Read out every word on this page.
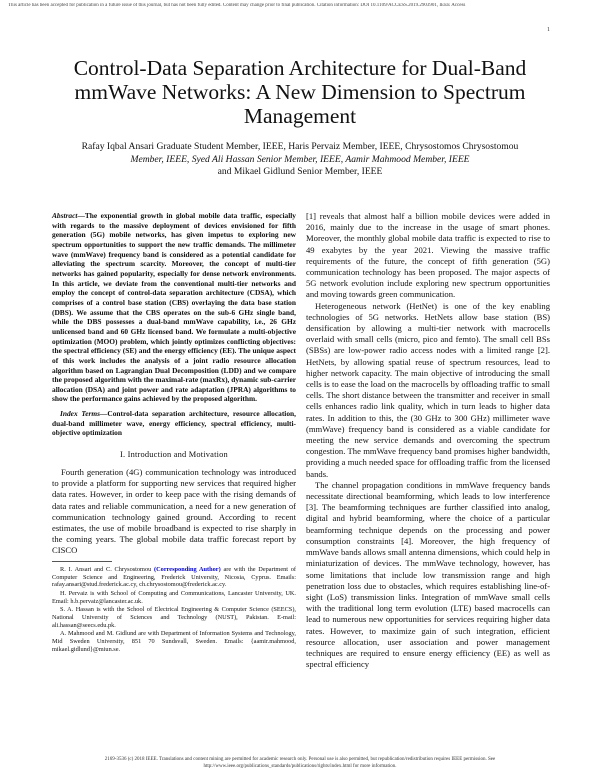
This article has been accepted for publication in a future issue of this journal, but has not been fully edited. Content may change prior to final publication. Citation information: DOI 10.1109/ACCESS.2019.2903901, IEEE Access
1
Control-Data Separation Architecture for Dual-Band mmWave Networks: A New Dimension to Spectrum Management
Rafay Iqbal Ansari Graduate Student Member, IEEE, Haris Pervaiz Member, IEEE, Chrysostomos Chrysostomou
Member, IEEE, Syed Ali Hassan Senior Member, IEEE, Aamir Mahmood Member, IEEE
and Mikael Gidlund Senior Member, IEEE

Abstract—The exponential growth in global mobile data traffic, especially with regards to the massive deployment of devices envisioned for fifth generation (5G) mobile networks, has given impetus to exploring new spectrum opportunities to support the new traffic demands. The millimeter wave (mmWave) frequency band is considered as a potential candidate for alleviating the spectrum scarcity. Moreover, the concept of multi-tier networks has gained popularity, especially for dense network environments. In this article, we deviate from the conventional multi-tier networks and employ the concept of control-data separation architecture (CDSA), which comprises of a control base station (CBS) overlaying the data base station (DBS). We assume that the CBS operates on the sub-6 GHz single band, while the DBS possesses a dual-band mmWave capability, i.e., 26 GHz unlicensed band and 60 GHz licensed band. We formulate a multi-objective optimization (MOO) problem, which jointly optimizes conflicting objectives: the spectral efficiency (SE) and the energy efficiency (EE). The unique aspect of this work includes the analysis of a joint radio resource allocation algorithm based on Lagrangian Dual Decomposition (LDD) and we compare the proposed algorithm with the maximal-rate (maxRx), dynamic sub-carrier allocation (DSA) and joint power and rate adaptation (JPRA) algorithms to show the performance gains achieved by the proposed algorithm.

Index Terms—Control-data separation architecture, resource allocation, dual-band millimeter wave, energy efficiency, spectral efficiency, multi-objective optimization

I. Introduction and Motivation

Fourth generation (4G) communication technology was introduced to provide a platform for supporting new services that required higher data rates. However, in order to keep pace with the rising demands of data rates and reliable communication, a need for a new generation of communication technology gained ground. According to recent estimates, the use of mobile broadband is expected to rise sharply in the coming years. The global mobile data traffic forecast report by CISCO

R. I. Ansari and C. Chrysostomou (Corresponding Author) are with the Department of Computer Science and Engineering, Frederick University, Nicosia, Cyprus. Emails: rafay.ansari@stud.frederick.ac.cy, ch.chrysostomou@frederick.ac.cy.

H. Pervaiz is with School of Computing and Communications, Lancaster University, UK. Email: h.b.pervaiz@lancaster.ac.uk.

S. A. Hassan is with the School of Electrical Engineering & Computer Science (SEECS), National University of Sciences and Technology (NUST), Pakistan. E-mail: ali.hassan@seecs.edu.pk.

A. Mahmood and M. Gidlund are with Department of Information Systems and Technology, Mid Sweden University, 851 70 Sundsvall, Sweden. Emails: {aamir.mahmood, mikael.gidlund}@miun.se.

[1] reveals that almost half a billion mobile devices were added in 2016, mainly due to the increase in the usage of smart phones. Moreover, the monthly global mobile data traffic is expected to rise to 49 exabytes by the year 2021. Viewing the massive traffic requirements of the future, the concept of fifth generation (5G) communication technology has been proposed. The major aspects of 5G network evolution include exploring new spectrum opportunities and moving towards green communication.

Heterogeneous network (HetNet) is one of the key enabling technologies of 5G networks. HetNets allow base station (BS) densification by allowing a multi-tier network with macrocells overlaid with small cells (micro, pico and femto). The small cell BSs (SBSs) are low-power radio access nodes with a limited range [2]. HetNets, by allowing spatial reuse of spectrum resources, lead to higher network capacity. The main objective of introducing the small cells is to ease the load on the macrocells by offloading traffic to small cells. The short distance between the transmitter and receiver in small cells enhances radio link quality, which in turn leads to higher data rates. In addition to this, the (30 GHz to 300 GHz) millimeter wave (mmWave) frequency band is considered as a viable candidate for meeting the new service demands and overcoming the spectrum congestion. The mmWave frequency band promises higher bandwidth, providing a much needed space for offloading traffic from the licensed bands.

The channel propagation conditions in mmWave frequency bands necessitate directional beamforming, which leads to low interference [3]. The beamforming techniques are further classified into analog, digital and hybrid beamforming, where the choice of a particular beamforming technique depends on the processing and power consumption constraints [4]. Moreover, the high frequency of mmWave bands allows small antenna dimensions, which could help in miniaturization of devices. The mmWave technology, however, has some limitations that include low transmission range and high penetration loss due to obstacles, which requires establishing line-of-sight (LoS) transmission links. Integration of mmWave small cells with the traditional long term evolution (LTE) based macrocells can lead to numerous new opportunities for services requiring higher data rates. However, to maximize gain of such integration, efficient resource allocation, user association and power management techniques are required to ensure energy efficiency (EE) as well as spectral efficiency

2169-3536 (c) 2018 IEEE. Translations and content mining are permitted for academic research only. Personal use is also permitted, but republication/redistribution requires IEEE permission. See
http://www.ieee.org/publications_standards/publications/rights/index.html for more information.
